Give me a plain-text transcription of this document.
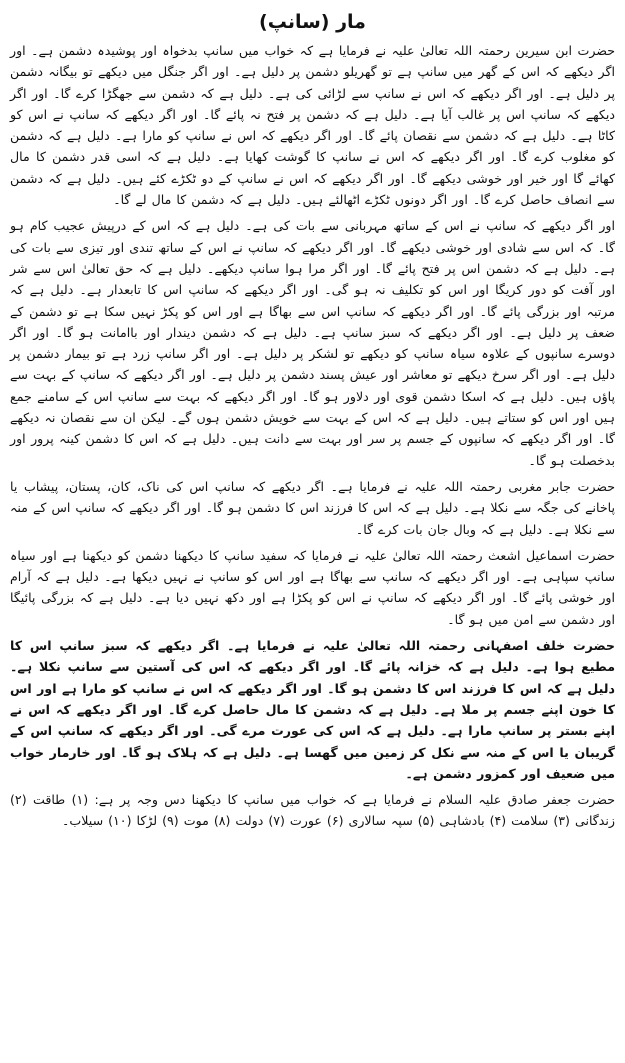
مار (سانپ)

حضرت ابن سیرین رحمتہ اللہ تعالیٰ علیہ نے فرمایا ہے کہ خواب میں سانپ بدخواہ اور پوشیدہ دشمن ہے۔ اور اگر دیکھے کہ اس کے گھر میں سانپ ہے تو گھریلو دشمن پر دلیل ہے۔ اور اگر جنگل میں دیکھے تو بیگانہ دشمن پر دلیل ہے۔ اور اگر دیکھے کہ اس نے سانپ سے لڑائی کی ہے۔ دلیل ہے کہ دشمن سے جھگڑا کرے گا۔ اور اگر دیکھے کہ سانپ اس پر غالب آیا ہے۔ دلیل ہے کہ دشمن پر فتح نہ پائے گا۔ اور اگر دیکھے کہ سانپ نے اس کو کاٹا ہے۔ دلیل ہے کہ دشمن سے نقصان پائے گا۔ اور اگر دیکھے کہ اس نے سانپ کو مارا ہے۔ دلیل ہے کہ دشمن کو مغلوب کرے گا۔ اور اگر دیکھے کہ اس نے سانپ کا گوشت کھایا ہے۔ دلیل ہے کہ اسی قدر دشمن کا مال کھائے گا اور خیر اور خوشی دیکھے گا۔ اور اگر دیکھے کہ اس نے سانپ کے دو ٹکڑے کئے ہیں۔ دلیل ہے کہ دشمن سے انصاف حاصل کرے گا۔ اور اگر دونوں ٹکڑے اٹھالئے ہیں۔ دلیل ہے کہ دشمن کا مال لے گا۔

اور اگر دیکھے کہ سانپ نے اس کے ساتھ مہربانی سے بات کی ہے۔ دلیل ہے کہ اس کے درپیش عجیب کام ہو گا۔ کہ اس سے شادی اور خوشی دیکھے گا۔ اور اگر دیکھے کہ سانپ نے اس کے ساتھ تندی اور تیزی سے بات کی ہے۔ دلیل ہے کہ دشمن اس پر فتح پائے گا۔ اور اگر مرا ہوا سانپ دیکھے۔ دلیل ہے کہ حق تعالیٰ اس سے شر اور آفت کو دور کریگا اور اس کو تکلیف نہ ہو گی۔ اور اگر دیکھے کہ سانپ اس کا تابعدار ہے۔ دلیل ہے کہ مرتبہ اور بزرگی پائے گا۔ اور اگر دیکھے کہ سانپ اس سے بھاگا ہے اور اس کو پکڑ نہیں سکا ہے تو دشمن کے ضعف پر دلیل ہے۔ اور اگر دیکھے کہ سبز سانپ ہے۔ دلیل ہے کہ دشمن دیندار اور باامانت ہو گا۔ اور اگر دوسرے سانپوں کے علاوہ سیاہ سانپ کو دیکھے تو لشکر پر دلیل ہے۔ اور اگر سانپ زرد ہے تو بیمار دشمن پر دلیل ہے۔ اور اگر سرخ دیکھے تو معاشر اور عیش پسند دشمن پر دلیل ہے۔ اور اگر دیکھے کہ سانپ کے بہت سے پاؤں ہیں۔ دلیل ہے کہ اسکا دشمن قوی اور دلاور ہو گا۔ اور اگر دیکھے کہ بہت سے سانپ اس کے سامنے جمع ہیں اور اس کو ستاتے ہیں۔ دلیل ہے کہ اس کے بہت سے خویش دشمن ہوں گے۔ لیکن ان سے نقصان نہ دیکھے گا۔ اور اگر دیکھے کہ سانپوں کے جسم پر سر اور بہت سے دانت ہیں۔ دلیل ہے کہ اس کا دشمن کینہ پرور اور بدخصلت ہو گا۔

حضرت جابر مغربی رحمتہ اللہ علیہ نے فرمایا ہے۔ اگر دیکھے کہ سانپ اس کی ناک، کان، پستان، پیشاب یا پاخانے کی جگہ سے نکلا ہے۔ دلیل ہے کہ اس کا فرزند اس کا دشمن ہو گا۔ اور اگر دیکھے کہ سانپ اس کے منہ سے نکلا ہے۔ دلیل ہے کہ وبال جان بات کرے گا۔

حضرت اسماعیل اشعث رحمتہ اللہ تعالیٰ علیہ نے فرمایا کہ سفید سانپ کا دیکھنا دشمن کو دیکھنا ہے اور سیاہ سانپ سپاہی ہے۔ اور اگر دیکھے کہ سانپ سے بھاگا ہے اور اس کو سانپ نے نہیں دیکھا ہے۔ دلیل ہے کہ آرام اور خوشی پائے گا۔ اور اگر دیکھے کہ سانپ نے اس کو پکڑا ہے اور دکھ نہیں دیا ہے۔ دلیل ہے کہ بزرگی پائیگا اور دشمن سے امن میں ہو گا۔

حضرت خلف اصفہانی رحمتہ اللہ تعالیٰ علیہ نے فرمایا ہے۔ اگر دیکھے کہ سبز سانپ اس کا مطیع ہوا ہے۔ دلیل ہے کہ خزانہ پائے گا۔ اور اگر دیکھے کہ اس کی آستین سے سانپ نکلا ہے۔ دلیل ہے کہ اس کا فرزند اس کا دشمن ہو گا۔ اور اگر دیکھے کہ اس نے سانپ کو مارا ہے اور اس کا خون اپنے جسم پر ملا ہے۔ دلیل ہے کہ دشمن کا مال حاصل کرے گا۔ اور اگر دیکھے کہ اس نے اپنے بستر پر سانپ مارا ہے۔ دلیل ہے کہ اس کی عورت مرے گی۔ اور اگر دیکھے کہ سانپ اس کے گریبان یا اس کے منہ سے نکل کر زمین میں گھسا ہے۔ دلیل ہے کہ ہلاک ہو گا۔ اور خارمار خواب میں ضعیف اور کمزور دشمن ہے۔

حضرت جعفر صادق علیہ السلام نے فرمایا ہے کہ خواب میں سانپ کا دیکھنا دس وجہ پر ہے: (۱) طاقت (۲) زندگانی (۳) سلامت (۴) بادشاہی (۵) سپہ سالاری (۶) عورت (۷) دولت (۸) موت (۹) لڑکا (۱۰) سیلاب۔
